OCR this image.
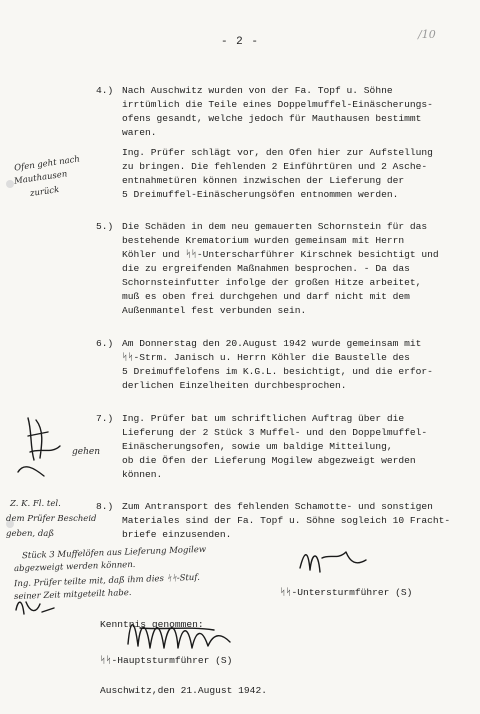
- 2 -
/10
4.) Nach Auschwitz wurden von der Fa. Topf u. Söhne
irrtümlich die Teile eines Doppelmuffel-Einäscherungs-
ofens gesandt, welche jedoch für Mauthausen bestimmt
waren.
Ing. Prüfer schlägt vor, den Ofen hier zur Aufstellung
zu bringen. Die fehlenden 2 Einführtüren und 2 Asche-
entnahmetüren können inzwischen der Lieferung der
5 Dreimuffel-Einäscherungsöfen entnommen werden.
5.) Die Schäden in dem neu gemauerten Schornstein für das
bestehende Krematorium wurden gemeinsam mit Herrn
Köhler und ᛋᛋ-Unterscharführer Kirschnek besichtigt und
die zu ergreifenden Maßnahmen besprochen. - Da das
Schornsteinfutter infolge der großen Hitze arbeitet,
muß es oben frei durchgehen und darf nicht mit dem
Außenmantel fest verbunden sein.
6.) Am Donnerstag den 20.August 1942 wurde gemeinsam mit
ᛋᛋ-Strm. Janisch u. Herrn Köhler die Baustelle des
5 Dreimuffelofens im K.G.L. besichtigt, und die erfor-
derlichen Einzelheiten durchbesprochen.
7.) Ing. Prüfer bat um schriftlichen Auftrag über die
Lieferung der 2 Stück 3 Muffel- und den Doppelmuffel-
Einäscherungsofen, sowie um baldige Mitteilung,
ob die Öfen der Lieferung Mogilew abgezweigt werden
können.
8.) Zum Antransport des fehlenden Schamotte- und sonstigen
Materiales sind der Fa. Topf u. Söhne sogleich 10 Fracht-
briefe einzusenden.
ᛋᛋ-Untersturmführer (S)
Kenntnis genommen:
ᛋᛋ-Hauptsturmführer (S)
Auschwitz,den 21.August 1942.
Ofen geht nach
Mauthausen
zurück
gehen
Z. K. Fl. tel.
dem Prüfer Bescheid
geben, daß
Stück 3 Muffelöfen aus Lieferung Mogilew
abgezweigt werden können.
Ing. Prüfer teilte mit, daß ihm dies ᛋᛋ-Stuf.
seiner Zeit mitgeteilt habe.
